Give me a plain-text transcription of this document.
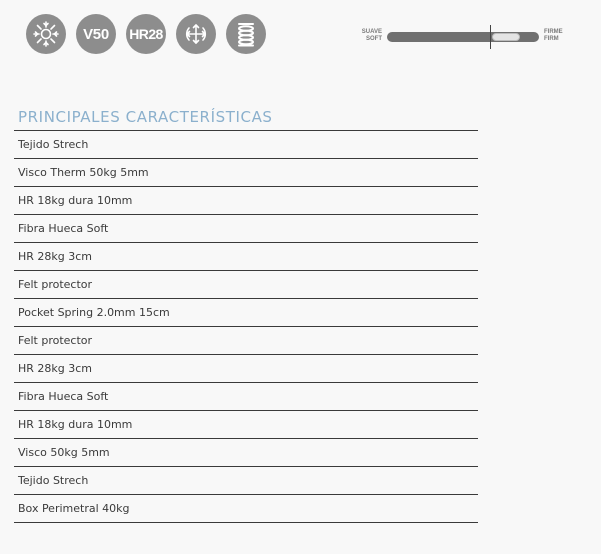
V50 HR28	SUAVE
SOFT
FIRME
FIRM
PRINCIPALES CARACTERÍSTICAS
Tejido Strech
Visco Therm 50kg 5mm
HR 18kg dura 10mm
Fibra Hueca Soft
HR 28kg 3cm
Felt protector
Pocket Spring 2.0mm 15cm
Felt protector
HR 28kg 3cm
Fibra Hueca Soft
HR 18kg dura 10mm
Visco 50kg 5mm
Tejido Strech
Box Perimetral 40kg
